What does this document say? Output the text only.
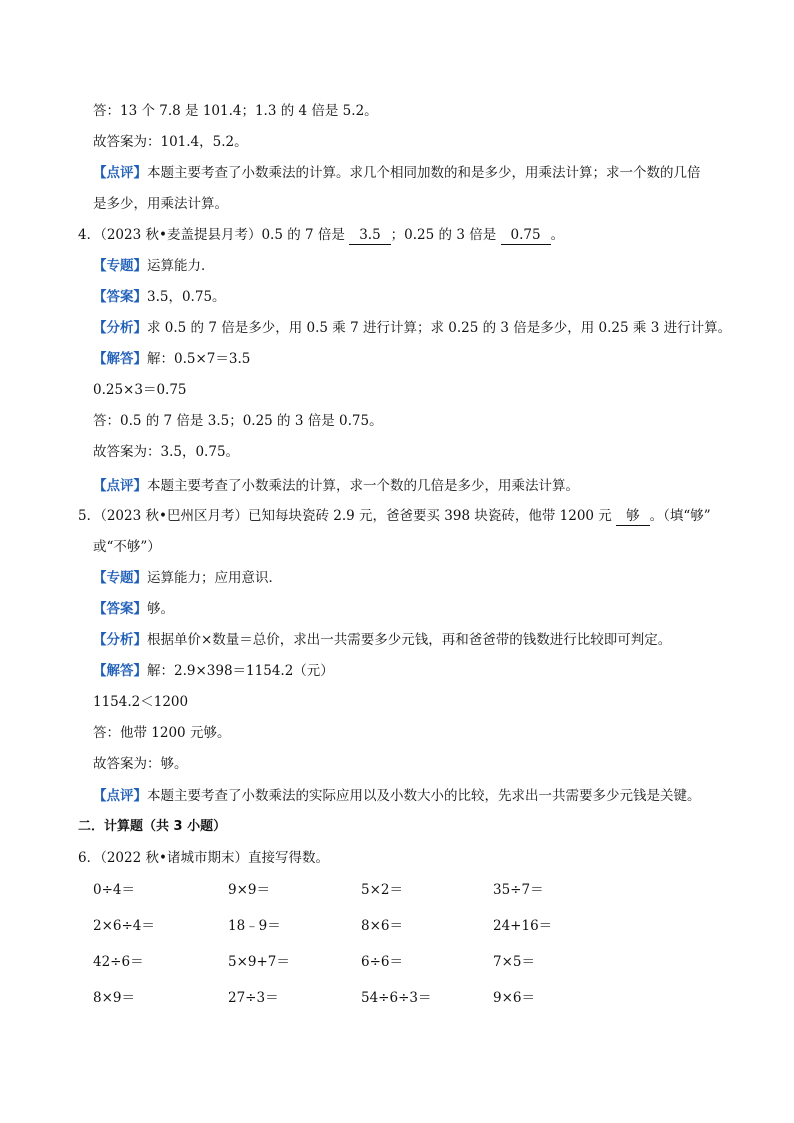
答：13 个 7.8 是 101.4；1.3 的 4 倍是 5.2。
故答案为：101.4，5.2。
【点评】本题主要考查了小数乘法的计算。求几个相同加数的和是多少，用乘法计算；求一个数的几倍
是多少，用乘法计算。
4．（2023 秋•麦盖提县月考）0.5 的 7 倍是 3.5 ；0.25 的 3 倍是 0.75 。
【专题】运算能力．
【答案】3.5，0.75。
【分析】求 0.5 的 7 倍是多少，用 0.5 乘 7 进行计算；求 0.25 的 3 倍是多少，用 0.25 乘 3 进行计算。
【解答】解：0.5×7＝3.5
0.25×3＝0.75
答：0.5 的 7 倍是 3.5；0.25 的 3 倍是 0.75。
故答案为：3.5，0.75。
【点评】本题主要考查了小数乘法的计算，求一个数的几倍是多少，用乘法计算。
5．（2023 秋•巴州区月考）已知每块瓷砖 2.9 元，爸爸要买 398 块瓷砖，他带 1200 元 够 。（填“够”
或“不够”）
【专题】运算能力；应用意识．
【答案】够。
【分析】根据单价×数量＝总价，求出一共需要多少元钱，再和爸爸带的钱数进行比较即可判定。
【解答】解：2.9×398＝1154.2（元）
1154.2＜1200
答：他带 1200 元够。
故答案为：够。
【点评】本题主要考查了小数乘法的实际应用以及小数大小的比较，先求出一共需要多少元钱是关键。
二．计算题（共 3 小题）
6．（2022 秋•诸城市期末）直接写得数。
0÷4＝	9×9＝	5×2＝	35÷7＝
2×6÷4＝	18﹣9＝	8×6＝	24+16＝
42÷6＝	5×9+7＝	6÷6＝	7×5＝
8×9＝	27÷3＝	54÷6÷3＝	9×6＝
